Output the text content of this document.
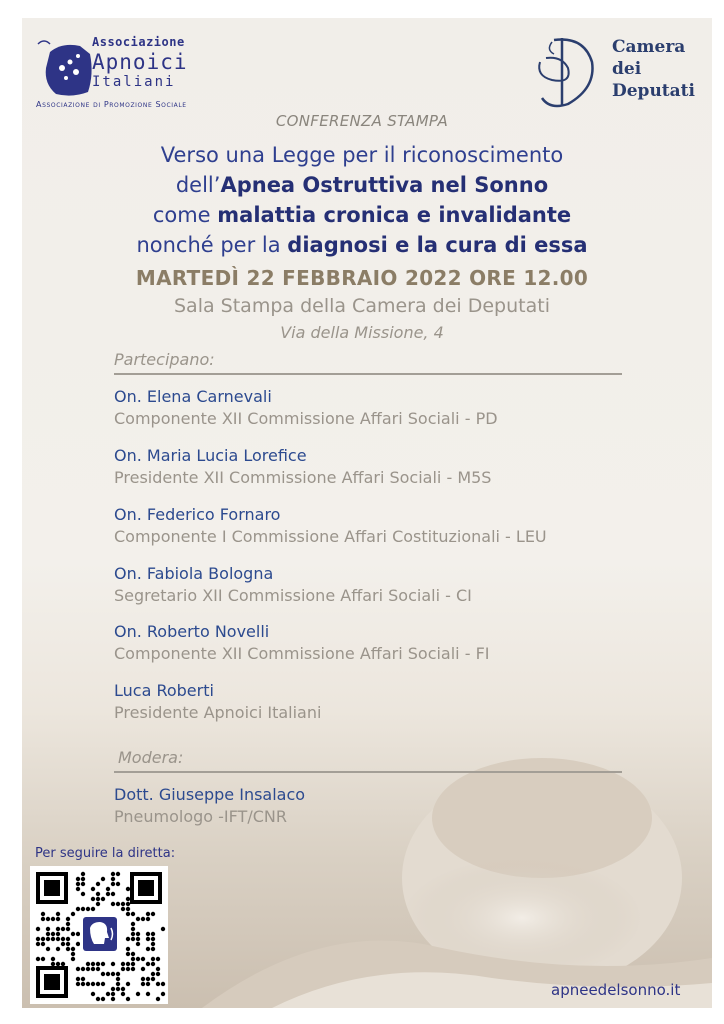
Associazione
Apnoici
Italiani
Associazione di Promozione Sociale
Camera
dei
Deputati
CONFERENZA STAMPA
Verso una Legge per il riconoscimento
dell’Apnea Ostruttiva nel Sonno
come malattia cronica e invalidante
nonché per la diagnosi e la cura di essa
MARTEDÌ 22 FEBBRAIO 2022 ORE 12.00
Sala Stampa della Camera dei Deputati
Via della Missione, 4
Partecipano:
On. Elena Carnevali
Componente XII Commissione Affari Sociali - PD
On. Maria Lucia Lorefice
Presidente XII Commissione Affari Sociali - M5S
On. Federico Fornaro
Componente I Commissione Affari Costituzionali - LEU
On. Fabiola Bologna
Segretario XII Commissione Affari Sociali - CI
On. Roberto Novelli
Componente XII Commissione Affari Sociali - FI
Luca Roberti
Presidente Apnoici Italiani
Modera:
Dott. Giuseppe Insalaco
Pneumologo -IFT/CNR
Per seguire la diretta:
apneedelsonno.it
